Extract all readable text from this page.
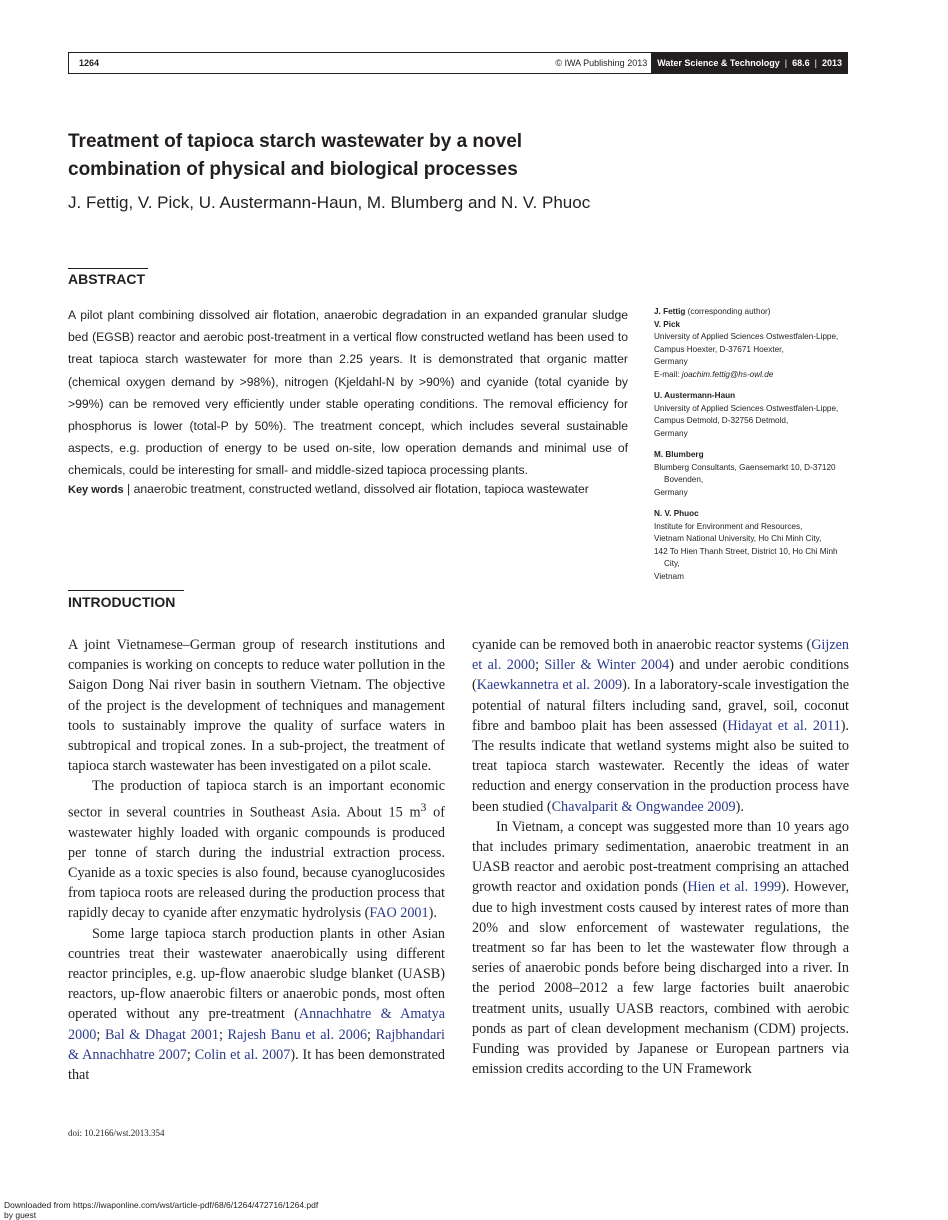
1264	© IWA Publishing 2013	Water Science & Technology | 68.6 | 2013
Treatment of tapioca starch wastewater by a novel
combination of physical and biological processes
J. Fettig, V. Pick, U. Austermann-Haun, M. Blumberg and N. V. Phuoc
ABSTRACT
A pilot plant combining dissolved air flotation, anaerobic degradation in an expanded granular sludge bed (EGSB) reactor and aerobic post-treatment in a vertical flow constructed wetland has been used to treat tapioca starch wastewater for more than 2.25 years. It is demonstrated that organic matter (chemical oxygen demand by >98%), nitrogen (Kjeldahl-N by >90%) and cyanide (total cyanide by >99%) can be removed very efficiently under stable operating conditions. The removal efficiency for phosphorus is lower (total-P by 50%). The treatment concept, which includes several sustainable aspects, e.g. production of energy to be used on-site, low operation demands and minimal use of chemicals, could be interesting for small- and middle-sized tapioca processing plants.
Key words | anaerobic treatment, constructed wetland, dissolved air flotation, tapioca wastewater
J. Fettig (corresponding author)
V. Pick
University of Applied Sciences Ostwestfalen-Lippe,
Campus Hoexter, D-37671 Hoexter,
Germany
E-mail: joachim.fettig@hs-owl.de
U. Austermann-Haun
University of Applied Sciences Ostwestfalen-Lippe,
Campus Detmold, D-32756 Detmold,
Germany
M. Blumberg
Blumberg Consultants, Gaensemarkt 10, D-37120
Bovenden,
Germany
N. V. Phuoc
Institute for Environment and Resources,
Vietnam National University, Ho Chi Minh City,
142 To Hien Thanh Street, District 10, Ho Chi Minh
City,
Vietnam
INTRODUCTION

A joint Vietnamese–German group of research institutions and companies is working on concepts to reduce water pollution in the Saigon Dong Nai river basin in southern Vietnam. The objective of the project is the development of techniques and management tools to sustainably improve the quality of surface waters in subtropical and tropical zones. In a sub-project, the treatment of tapioca starch wastewater has been investigated on a pilot scale.

The production of tapioca starch is an important economic sector in several countries in Southeast Asia. About 15 $m^3$ of wastewater highly loaded with organic compounds is produced per tonne of starch during the industrial extraction process. Cyanide as a toxic species is also found, because cyanoglucosides from tapioca roots are released during the production process that rapidly decay to cyanide after enzymatic hydrolysis (FAO 2001).

Some large tapioca starch production plants in other Asian countries treat their wastewater anaerobically using different reactor principles, e.g. up-flow anaerobic sludge blanket (UASB) reactors, up-flow anaerobic filters or anaerobic ponds, most often operated without any pre-treatment (Annachhatre & Amatya 2000; Bal & Dhagat 2001; Rajesh Banu et al. 2006; Rajbhandari & Annachhatre 2007; Colin et al. 2007). It has been demonstrated that

cyanide can be removed both in anaerobic reactor systems (Gijzen et al. 2000; Siller & Winter 2004) and under aerobic conditions (Kaewkannetra et al. 2009). In a laboratory-scale investigation the potential of natural filters including sand, gravel, soil, coconut fibre and bamboo plait has been assessed (Hidayat et al. 2011). The results indicate that wetland systems might also be suited to treat tapioca starch wastewater. Recently the ideas of water reduction and energy conservation in the production process have been studied (Chavalparit & Ongwandee 2009).

In Vietnam, a concept was suggested more than 10 years ago that includes primary sedimentation, anaerobic treatment in an UASB reactor and aerobic post-treatment comprising an attached growth reactor and oxidation ponds (Hien et al. 1999). However, due to high investment costs caused by interest rates of more than 20% and slow enforcement of wastewater regulations, the treatment so far has been to let the wastewater flow through a series of anaerobic ponds before being discharged into a river. In the period 2008–2012 a few large factories built anaerobic treatment units, usually UASB reactors, combined with aerobic ponds as part of clean development mechanism (CDM) projects. Funding was provided by Japanese or European partners via emission credits according to the UN Framework

doi: 10.2166/wst.2013.354
Downloaded from https://iwaponline.com/wst/article-pdf/68/6/1264/472716/1264.pdf
by guest
